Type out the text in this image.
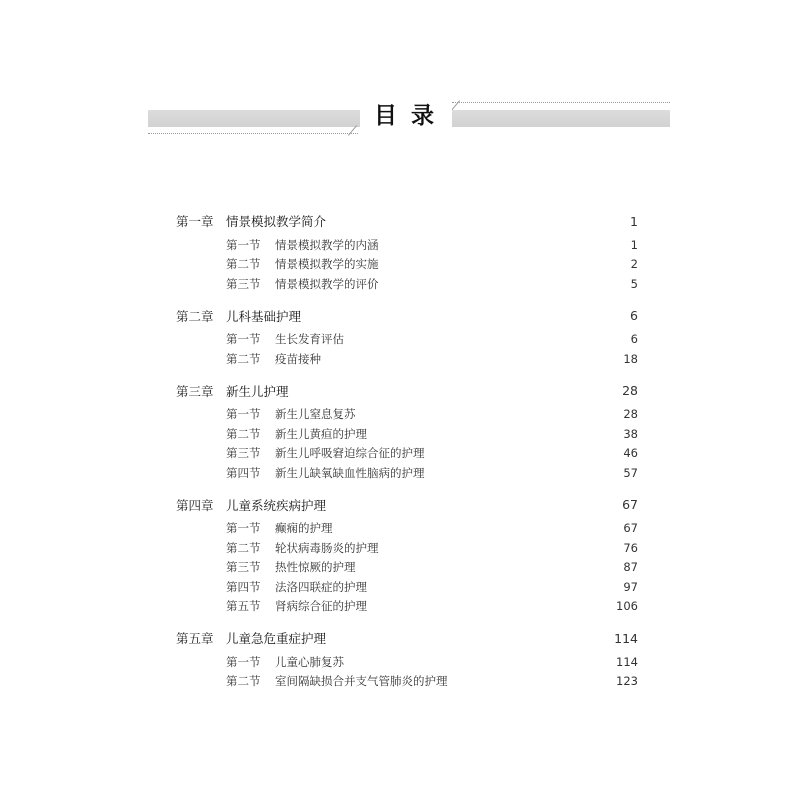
目录
第一章 情景模拟教学简介	1
第一节	情景模拟教学的内涵	1
第二节	情景模拟教学的实施	2
第三节	情景模拟教学的评价	5
第二章 儿科基础护理	6
第一节	生长发育评估	6
第二节	疫苗接种	18
第三章 新生儿护理	28
第一节	新生儿窒息复苏	28
第二节	新生儿黄疸的护理	38
第三节	新生儿呼吸窘迫综合征的护理	46
第四节	新生儿缺氧缺血性脑病的护理	57
第四章 儿童系统疾病护理	67
第一节	癫痫的护理	67
第二节	轮状病毒肠炎的护理	76
第三节	热性惊厥的护理	87
第四节	法洛四联症的护理	97
第五节	肾病综合征的护理	106
第五章 儿童急危重症护理	114
第一节	儿童心肺复苏	114
第二节	室间隔缺损合并支气管肺炎的护理	123
